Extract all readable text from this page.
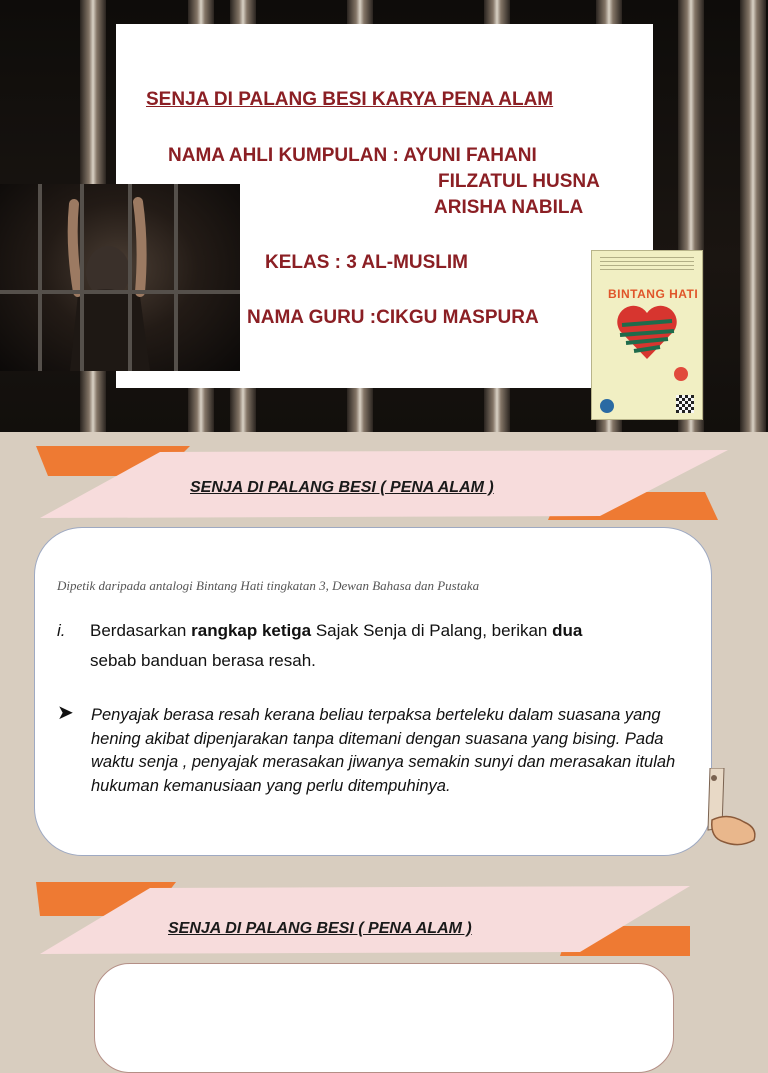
SENJA DI PALANG BESI KARYA PENA ALAM

NAMA AHLI KUMPULAN : AYUNI FAHANI

FILZATUL HUSNA

ARISHA NABILA

KELAS : 3 AL-MUSLIM

NAMA GURU :CIKGU MASPURA

BINTANG HATI
SENJA DI PALANG BESI ( PENA ALAM )

Dipetik daripada antalogi Bintang Hati tingkatan 3, Dewan Bahasa dan Pustaka

i.	Berdasarkan rangkap ketiga Sajak Senja di Palang, berikan dua
sebab banduan berasa resah.

➤	Penyajak berasa resah kerana beliau terpaksa berteleku dalam suasana yang hening akibat dipenjarakan tanpa ditemani dengan suasana yang bising. Pada waktu senja , penyajak merasakan jiwanya semakin sunyi dan merasakan itulah hukuman kemanusiaan yang perlu ditempuhinya.

SENJA DI PALANG BESI ( PENA ALAM )
